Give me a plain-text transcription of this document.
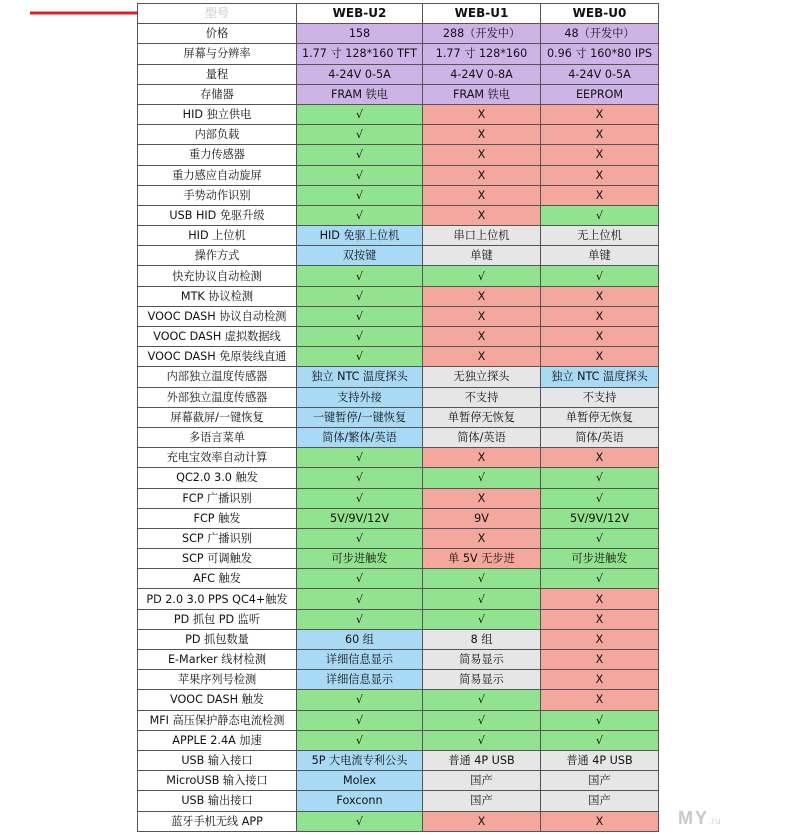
型号	WEB-U2	WEB-U1	WEB-U0
价格	158	288（开发中）	48（开发中）
屏幕与分辨率	1.77 寸 128*160 TFT	1.77 寸 128*160	0.96 寸 160*80 IPS
量程	4-24V 0-5A	4-24V 0-8A	4-24V 0-5A
存储器	FRAM 铁电	FRAM 铁电	EEPROM
HID 独立供电	√	X	X
内部负载	√	X	X
重力传感器	√	X	X
重力感应自动旋屏	√	X	X
手势动作识别	√	X	X
USB HID 免驱升级	√	X	√
HID 上位机	HID 免驱上位机	串口上位机	无上位机
操作方式	双按键	单键	单键
快充协议自动检测	√	√	√
MTK 协议检测	√	X	X
VOOC DASH 协议自动检测	√	X	X
VOOC DASH 虚拟数据线	√	X	X
VOOC DASH 免原装线直通	√	X	X
内部独立温度传感器	独立 NTC 温度探头	无独立探头	独立 NTC 温度探头
外部独立温度传感器	支持外接	不支持	不支持
屏幕截屏/一键恢复	一键暂停/一键恢复	单暂停无恢复	单暂停无恢复
多语言菜单	简体/繁体/英语	简体/英语	简体/英语
充电宝效率自动计算	√	X	X
QC2.0 3.0 触发	√	√	√
FCP 广播识别	√	X	√
FCP 触发	5V/9V/12V	9V	5V/9V/12V
SCP 广播识别	√	X	√
SCP 可调触发	可步进触发	单 5V 无步进	可步进触发
AFC 触发	√	√	√
PD 2.0 3.0 PPS QC4+触发	√	√	X
PD 抓包 PD 监听	√	√	X
PD 抓包数量	60 组	8 组	X
E-Marker 线材检测	详细信息显示	简易显示	X
苹果序列号检测	详细信息显示	简易显示	X
VOOC DASH 触发	√	√	X
MFI 高压保护静态电流检测	√	√	√
APPLE 2.4A 加速	√	√	√
USB 输入接口	5P 大电流专利公头	普通 4P USB	普通 4P USB
MicroUSB 输入接口	Molex	国产	国产
USB 输出接口	Foxconn	国产	国产
蓝牙手机无线 APP	√	X	X	MY.ru
